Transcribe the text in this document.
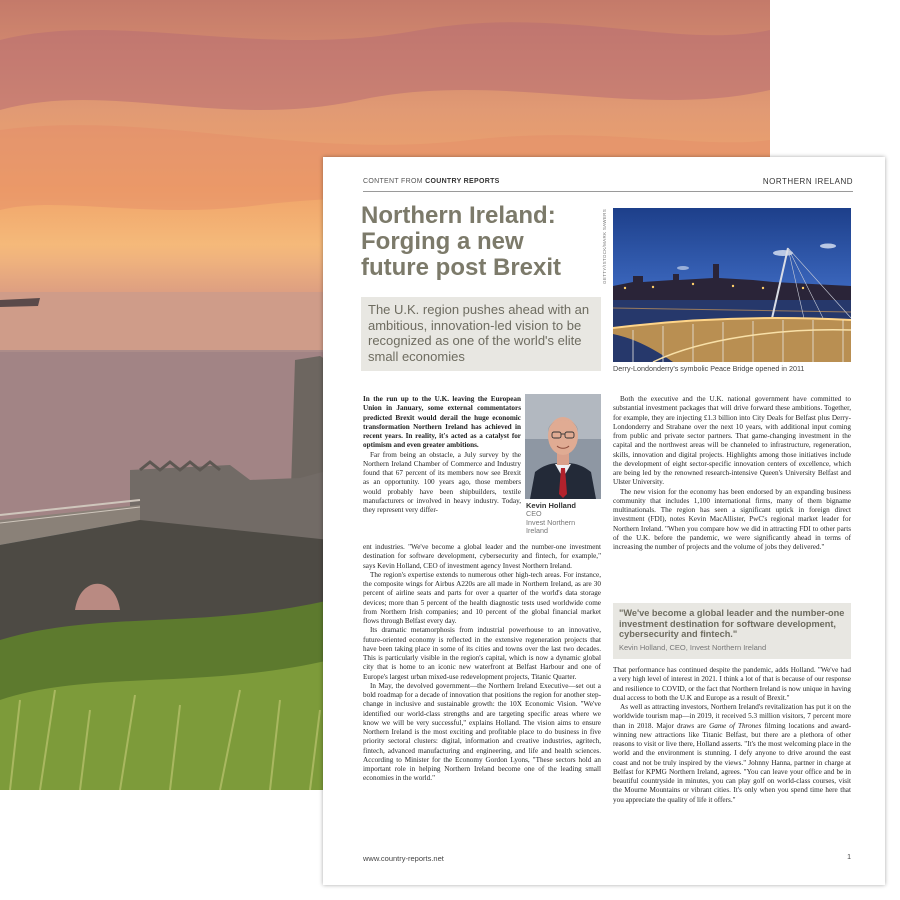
CONTENT FROM COUNTRY REPORTS	NORTHERN IRELAND
Northern Ireland:
Forging a new
future post Brexit
The U.K. region pushes ahead with an ambitious, innovation-led vision to be recognized as one of the world's elite small economies
GETTY/ISTOCK/MARK SAWERS
Derry-Londonderry's symbolic Peace Bridge opened in 2011
Kevin Holland
CEO
Invest Northern Ireland

In the run up to the U.K. leaving the European Union in January, some external commentators predicted Brexit would derail the huge economic transformation Northern Ireland has achieved in recent years. In reality, it's acted as a catalyst for optimism and even greater ambitions.

Far from being an obstacle, a July survey by the Northern Ireland Chamber of Commerce and Industry found that 67 percent of its members now see Brexit as an opportunity. 100 years ago, those members would probably have been shipbuilders, textile manufacturers or involved in heavy industry. Today, they represent very differ-

ent industries. "We've become a global leader and the number-one investment destination for software development, cybersecurity and fintech, for example," says Kevin Holland, CEO of investment agency Invest Northern Ireland.

The region's expertise extends to numerous other high-tech areas. For instance, the composite wings for Airbus A220s are all made in Northern Ireland, as are 30 percent of airline seats and parts for over a quarter of the world's data storage devices; more than 5 percent of the health diagnostic tests used worldwide come from Northern Irish companies; and 10 percent of the global financial market flows through Belfast every day.

Its dramatic metamorphosis from industrial powerhouse to an innovative, future-oriented economy is reflected in the extensive regeneration projects that have been taking place in some of its cities and towns over the last two decades. This is particularly visible in the region's capital, which is now a dynamic global city that is home to an iconic new waterfront at Belfast Harbour and one of Europe's largest urban mixed-use redevelopment projects, Titanic Quarter.

In May, the devolved government—the Northern Ireland Executive—set out a bold roadmap for a decade of innovation that positions the region for another step-change in inclusive and sustainable growth: the 10X Economic Vision. "We've identified our world-class strengths and are targeting specific areas where we know we will be very successful," explains Holland. The vision aims to ensure Northern Ireland is the most exciting and profitable place to do business in five priority sectoral clusters: digital, information and creative industries, agritech, fintech, advanced manufacturing and engineering, and life and health sciences. According to Minister for the Economy Gordon Lyons, "These sectors hold an important role in helping Northern Ireland become one of the leading small economies in the world."

Both the executive and the U.K. national government have committed to substantial investment packages that will drive forward these ambitions. Together, for example, they are injecting £1.3 billion into City Deals for Belfast plus Derry-Londonderry and Strabane over the next 10 years, with additional input coming from public and private sector partners. That game-changing investment in the capital and the northwest areas will be channeled to infrastructure, regeneration, skills, innovation and digital projects. Highlights among those initiatives include the development of eight sector-specific innovation centers of excellence, which are being led by the renowned research-intensive Queen's University Belfast and Ulster University.

The new vision for the economy has been endorsed by an expanding business community that includes 1,100 international firms, many of them bigname multinationals. The region has seen a significant uptick in foreign direct investment (FDI), notes Kevin MacAllister, PwC's regional market leader for Northern Ireland. "When you compare how we did in attracting FDI to other parts of the U.K. before the pandemic, we were significantly ahead in terms of increasing the number of projects and the volume of jobs they delivered."

"We've become a global leader and the number-one investment destination for software development, cybersecurity and fintech."
Kevin Holland, CEO, Invest Northern Ireland

That performance has continued despite the pandemic, adds Holland. "We've had a very high level of interest in 2021. I think a lot of that is because of our response and resilience to COVID, or the fact that Northern Ireland is now unique in having dual access to both the U.K and Europe as a result of Brexit."

As well as attracting investors, Northern Ireland's revitalization has put it on the worldwide tourism map—in 2019, it received 5.3 million visitors, 7 percent more than in 2018. Major draws are Game of Thrones filming locations and award-winning new attractions like Titanic Belfast, but there are a plethora of other reasons to visit or live there, Holland asserts. "It's the most welcoming place in the world and the environment is stunning. I defy anyone to drive around the east coast and not be truly inspired by the views." Johnny Hanna, partner in charge at Belfast for KPMG Northern Ireland, agrees. "You can leave your office and be in beautiful countryside in minutes, you can play golf on world-class courses, visit the Mourne Mountains or vibrant cities. It's only when you spend time here that you appreciate the quality of life it offers."

www.country-reports.net	1
